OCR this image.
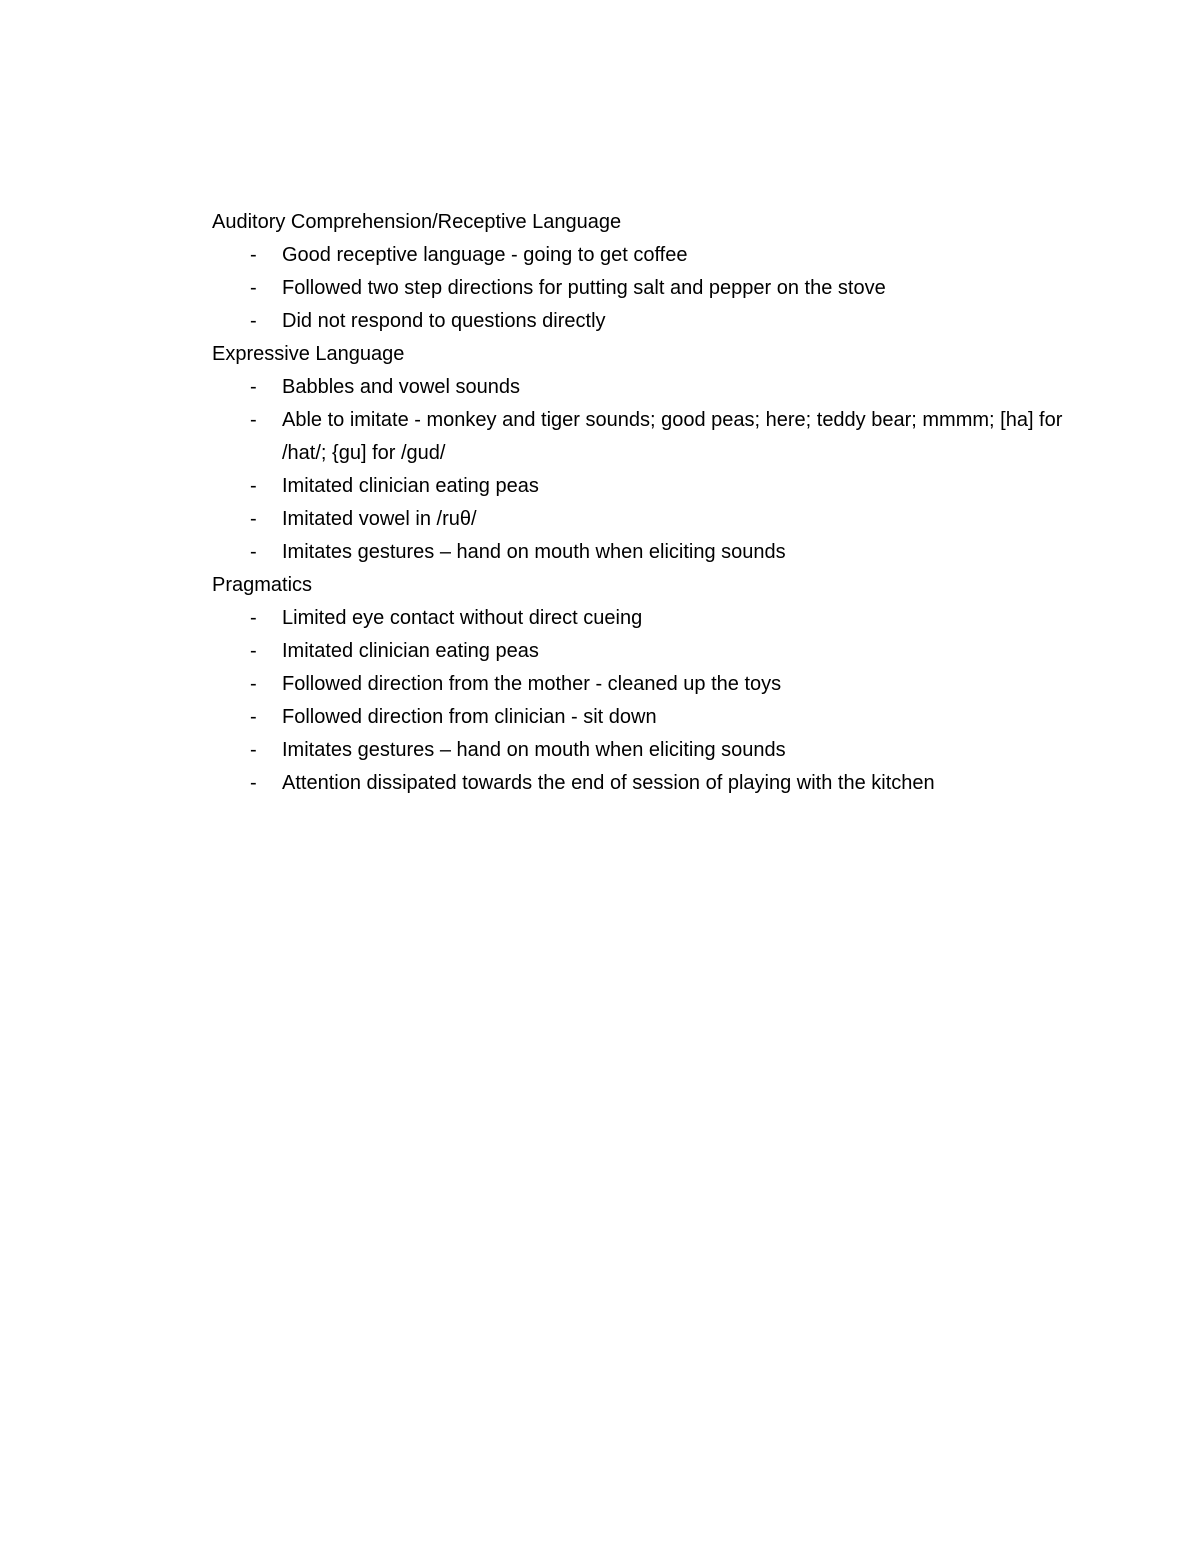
Auditory Comprehension/Receptive Language

-	Good receptive language - going to get coffee
-	Followed two step directions for putting salt and pepper on the stove
-	Did not respond to questions directly

Expressive Language

-	Babbles and vowel sounds
-	Able to imitate - monkey and tiger sounds; good peas; here; teddy bear; mmmm; [ha] for /hat/; {gu] for /gud/
-	Imitated clinician eating peas
-	Imitated vowel in /ruθ/
-	Imitates gestures – hand on mouth when eliciting sounds

Pragmatics

-	Limited eye contact without direct cueing
-	Imitated clinician eating peas
-	Followed direction from the mother - cleaned up the toys
-	Followed direction from clinician - sit down
-	Imitates gestures – hand on mouth when eliciting sounds
-	Attention dissipated towards the end of session of playing with the kitchen
